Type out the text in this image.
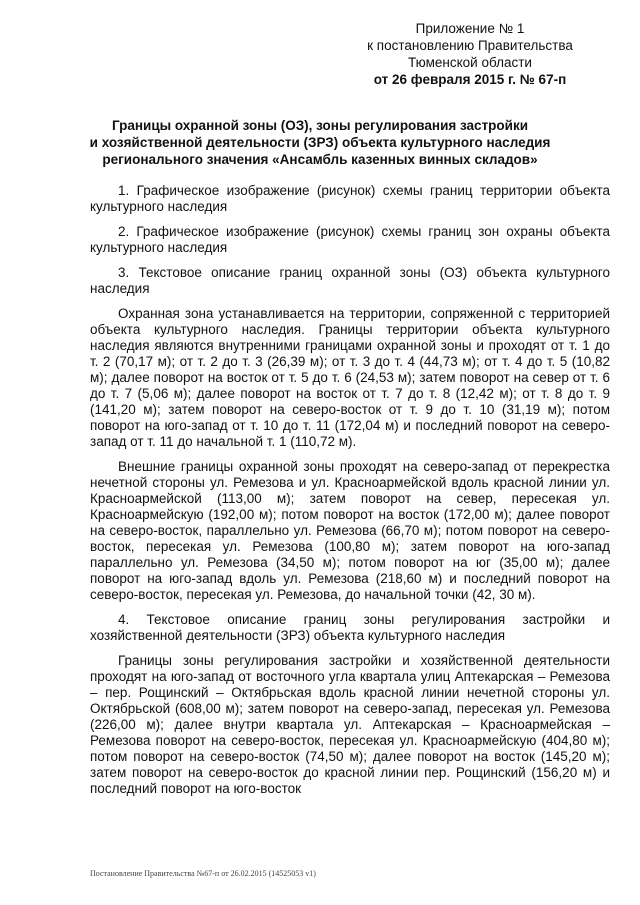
Приложение № 1
к постановлению Правительства
Тюменской области
от 26 февраля 2015 г. № 67-п
Границы охранной зоны (ОЗ), зоны регулирования застройки
и хозяйственной деятельности (ЗРЗ) объекта культурного наследия
регионального значения «Ансамбль казенных винных складов»

1. Графическое изображение (рисунок) схемы границ территории объекта культурного наследия

2. Графическое изображение (рисунок) схемы границ зон охраны объекта культурного наследия

3. Текстовое описание границ охранной зоны (ОЗ) объекта культурного наследия

Охранная зона устанавливается на территории, сопряженной с территорией объекта культурного наследия. Границы территории объекта культурного наследия являются внутренними границами охранной зоны и проходят от т. 1 до т. 2 (70,17 м); от т. 2 до т. 3 (26,39 м); от т. 3 до т. 4 (44,73 м); от т. 4 до т. 5 (10,82 м); далее поворот на восток от т. 5 до т. 6 (24,53 м); затем поворот на север от т. 6 до т. 7 (5,06 м); далее поворот на восток от т. 7 до т. 8 (12,42 м); от т. 8 до т. 9 (141,20 м); затем поворот на северо-восток от т. 9 до т. 10 (31,19 м); потом поворот на юго-запад от т. 10 до т. 11 (172,04 м) и последний поворот на северо-запад от т. 11 до начальной т. 1 (110,72 м).

Внешние границы охранной зоны проходят на северо-запад от перекрестка нечетной стороны ул. Ремезова и ул. Красноармейской вдоль красной линии ул. Красноармейской (113,00 м); затем поворот на север, пересекая ул. Красноармейскую (192,00 м); потом поворот на восток (172,00 м); далее поворот на северо-восток, параллельно ул. Ремезова (66,70 м); потом поворот на северо-восток, пересекая ул. Ремезова (100,80 м); затем поворот на юго-запад параллельно ул. Ремезова (34,50 м); потом поворот на юг (35,00 м); далее поворот на юго-запад вдоль ул. Ремезова (218,60 м) и последний поворот на северо-восток, пересекая ул. Ремезова, до начальной точки (42, 30 м).

4. Текстовое описание границ зоны регулирования застройки и хозяйственной деятельности (ЗРЗ) объекта культурного наследия

Границы зоны регулирования застройки и хозяйственной деятельности проходят на юго-запад от восточного угла квартала улиц Аптекарская – Ремезова – пер. Рощинский – Октябрьская вдоль красной линии нечетной стороны ул. Октябрьской (608,00 м); затем поворот на северо-запад, пересекая ул. Ремезова (226,00 м); далее внутри квартала ул. Аптекарская – Красноармейская – Ремезова поворот на северо-восток, пересекая ул. Красноармейскую (404,80 м); потом поворот на северо-восток (74,50 м); далее поворот на восток (145,20 м); затем поворот на северо-восток до красной линии пер. Рощинский (156,20 м) и последний поворот на юго-восток

Постановление Правительства №67-п от 26.02.2015 (14525053 v1)
